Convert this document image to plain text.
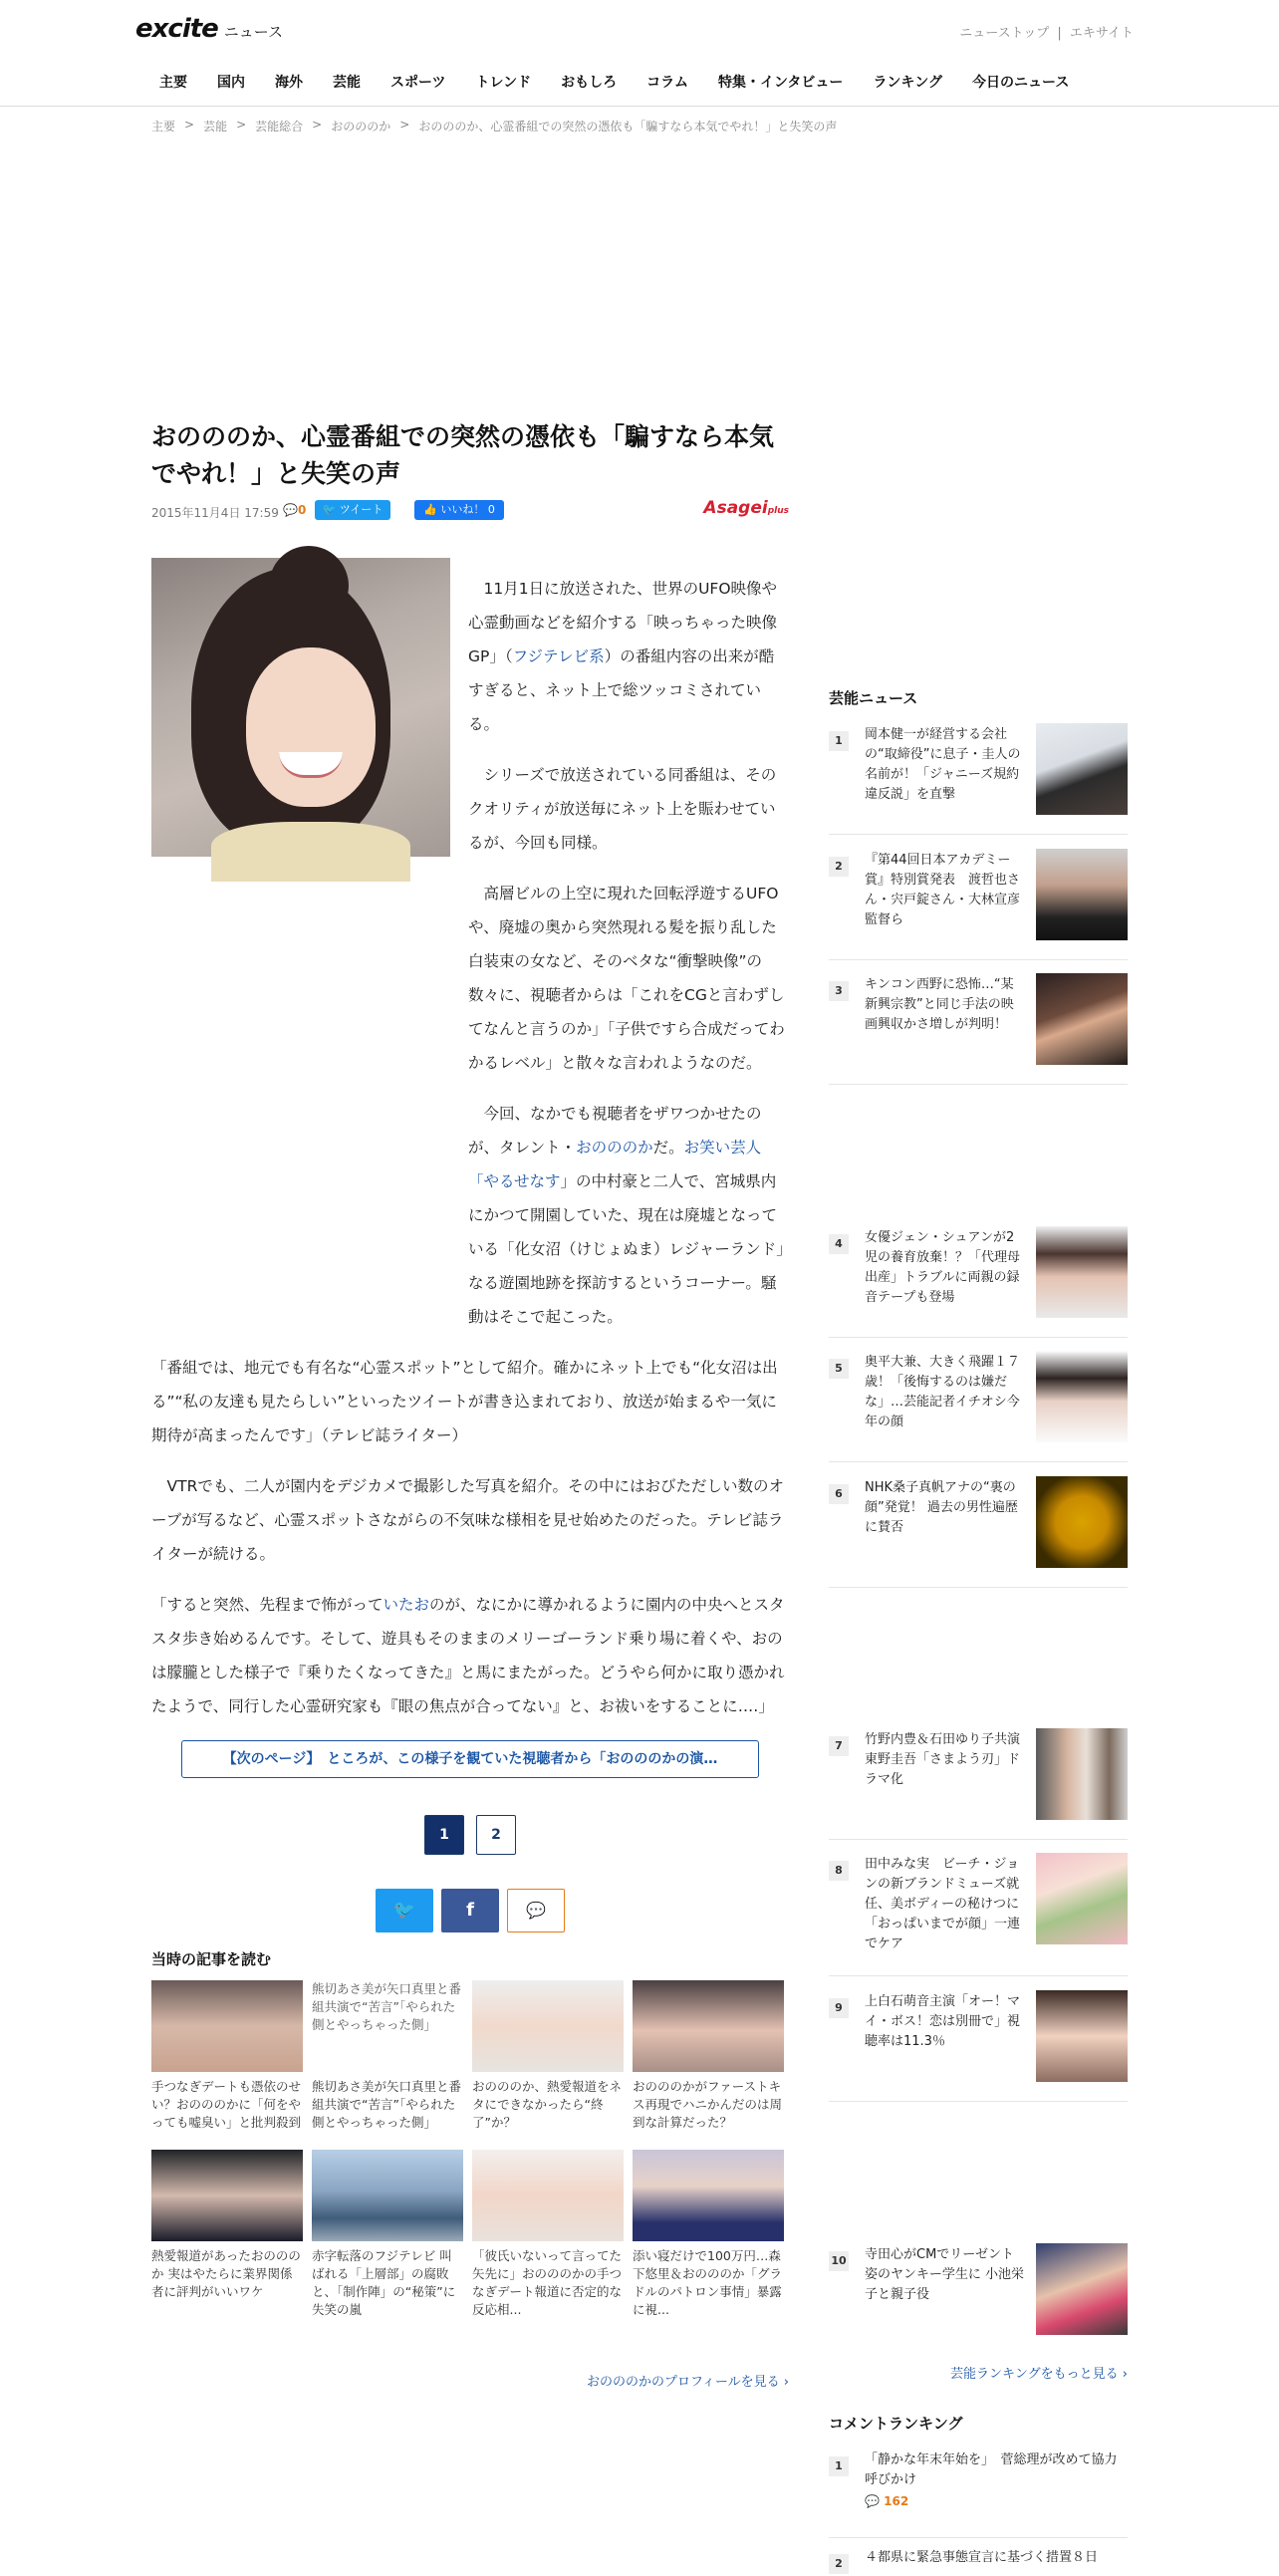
excite ニュース	ニューストップ | エキサイト
主要 国内 海外 芸能 スポーツ トレンド おもしろ コラム 特集・インタビュー ランキング 今日のニュース
主要 > 芸能 > 芸能総合 > おのののか > おのののか、心霊番組での突然の憑依も「騙すなら本気でやれ！」と失笑の声
おのののか、心霊番組での突然の憑依も「騙すなら本気でやれ！」と失笑の声
2015年11月4日 17:59 💬0	🐦 ツイート	👍 いいね！ 0	Asageiplus

11月1日に放送された、世界のUFO映像や心霊動画などを紹介する「映っちゃった映像GP」（フジテレビ系）の番組内容の出来が酷すぎると、ネット上で総ツッコミされている。

シリーズで放送されている同番組は、そのクオリティが放送毎にネット上を賑わせているが、今回も同様。

高層ビルの上空に現れた回転浮遊するUFOや、廃墟の奥から突然現れる髪を振り乱した白装束の女など、そのベタな“衝撃映像”の数々に、視聴者からは「これをCGと言わずしてなんと言うのか」「子供ですら合成だってわかるレベル」と散々な言われようなのだ。

今回、なかでも視聴者をザワつかせたのが、タレント・おのののかだ。お笑い芸人「やるせなす」の中村豪と二人で、宮城県内にかつて開園していた、現在は廃墟となっている「化女沼（けじょぬま）レジャーランド」なる遊園地跡を探訪するというコーナー。騒動はそこで起こった。

「番組では、地元でも有名な“心霊スポット”として紹介。確かにネット上でも“化女沼は出る”“私の友達も見たらしい”といったツイートが書き込まれており、放送が始まるや一気に期待が高まったんです」（テレビ誌ライター）

VTRでも、二人が園内をデジカメで撮影した写真を紹介。その中にはおびただしい数のオーブが写るなど、心霊スポットさながらの不気味な様相を見せ始めたのだった。テレビ誌ライターが続ける。

「すると突然、先程まで怖がっていたおのが、なにかに導かれるように園内の中央へとスタスタ歩き始めるんです。そして、遊具もそのままのメリーゴーランド乗り場に着くや、おのは朦朧とした様子で『乗りたくなってきた』と馬にまたがった。どうやら何かに取り憑かれたようで、同行した心霊研究家も『眼の焦点が合ってない』と、お祓いをすることに‥‥」

【次のページ】　ところが、この様子を観ていた視聴者から「おのののかの演…
1	2
🐦	f	💬
当時の記事を読む
手つなぎデートも憑依のせい？おのののかに「何をやっても嘘臭い」と批判殺到
熊切あさ美が矢口真里と番組共演で“苦言”「やられた側とやっちゃった側」
熊切あさ美が矢口真里と番組共演で“苦言”「やられた側とやっちゃった側」
おのののか、熱愛報道をネタにできなかったら“終了”か？
おのののかがファーストキス再現でハニかんだのは周到な計算だった？
熱愛報道があったおのののか 実はやたらに業界関係者に評判がいいワケ
赤字転落のフジテレビ 叫ばれる「上層部」の腐敗と、「制作陣」の“秘策”に失笑の嵐
「彼氏いないって言ってた矢先に」おのののかの手つなぎデート報道に否定的な反応相...
添い寝だけで100万円…森下悠里＆おのののか「グラドルのパトロン事情」暴露に視...
おのののかのプロフィールを見る ›
芸能ニュース
1	岡本健一が経営する会社の“取締役”に息子・圭人の名前が！「ジャニーズ規約違反説」を直撃
2	『第44回日本アカデミー賞』特別賞発表　渡哲也さん・宍戸錠さん・大林宣彦監督ら
3	キンコン西野に恐怖…“某新興宗教”と同じ手法の映画興収かさ増しが判明！
4	女優ジェン・シュアンが2児の養育放棄！？「代理母出産」トラブルに両親の録音テープも登場
5	奥平大兼、大きく飛躍１７歳！「後悔するのは嫌だな」…芸能記者イチオシ今年の顔
6	NHK桑子真帆アナの“裏の顔”発覚！ 過去の男性遍歴に賛否
7	竹野内豊＆石田ゆり子共演 東野圭吾「さまよう刃」ドラマ化
8	田中みな実　ビーチ・ジョンの新ブランドミューズ就任、美ボディーの秘けつに「おっぱいまでが顔」一連でケア
9	上白石萌音主演「オー！マイ・ボス！恋は別冊で」視聴率は11.3％
10 寺田心がCMでリーゼント姿のヤンキー学生に 小池栄子と親子役
芸能ランキングをもっと見る ›
コメントランキング
1	「静かな年末年始を」　菅総理が改めて協力呼びかけ
💬 162
2	４都県に緊急事態宣言に基づく措置８日
